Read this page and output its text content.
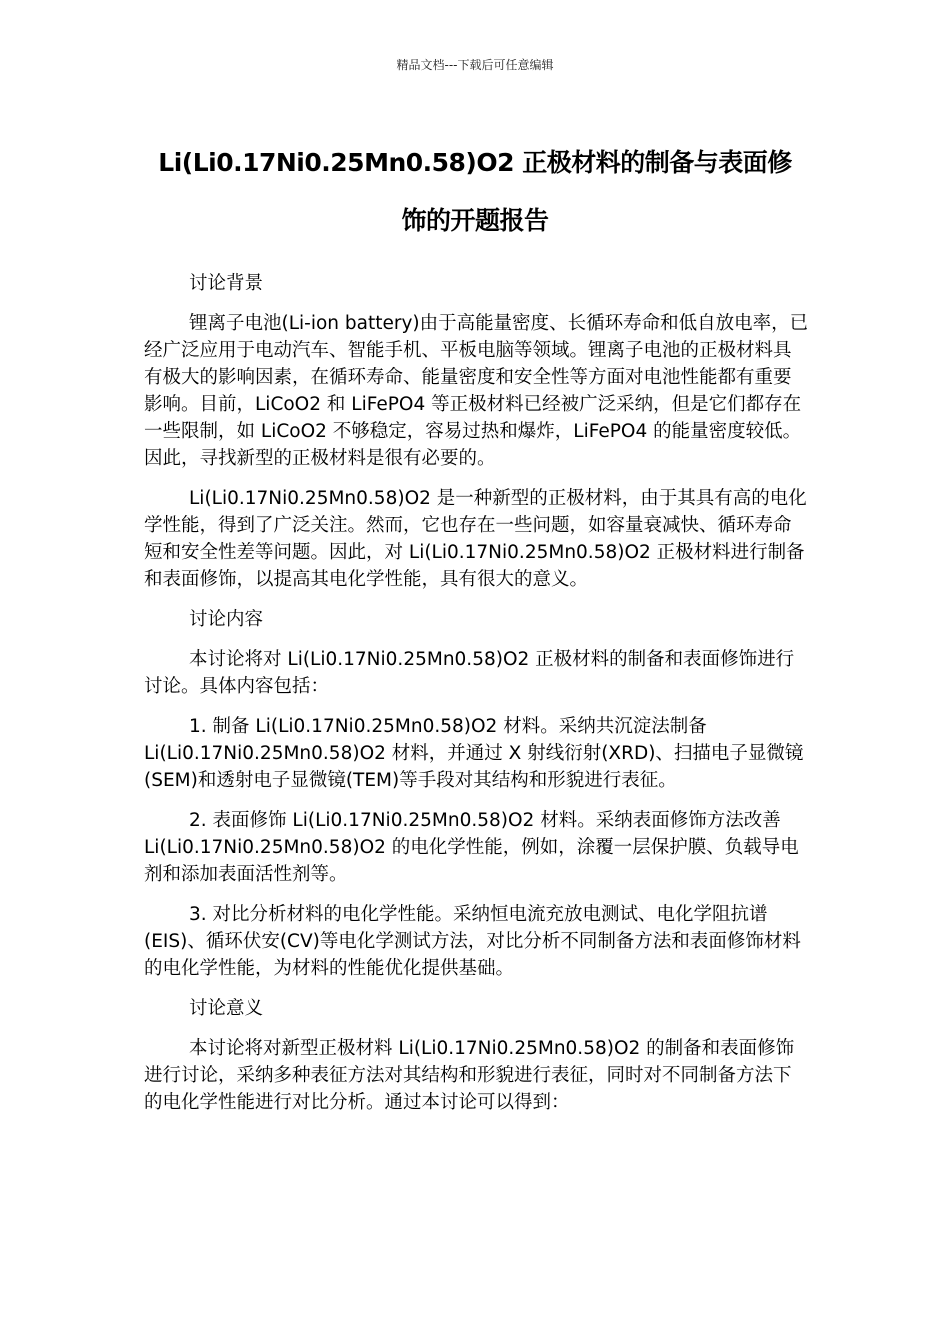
精品文档---下载后可任意编辑
Li(Li0.17Ni0.25Mn0.58)O2 正极材料的制备与表面修
饰的开题报告

讨论背景

锂离子电池(Li-ion battery)由于高能量密度、长循环寿命和低自放电率，已经广泛应用于电动汽车、智能手机、平板电脑等领域。锂离子电池的正极材料具有极大的影响因素，在循环寿命、能量密度和安全性等方面对电池性能都有重要影响。目前，LiCoO2 和 LiFePO4 等正极材料已经被广泛采纳，但是它们都存在一些限制，如 LiCoO2 不够稳定，容易过热和爆炸，LiFePO4 的能量密度较低。因此，寻找新型的正极材料是很有必要的。

Li(Li0.17Ni0.25Mn0.58)O2 是一种新型的正极材料，由于其具有高的电化学性能，得到了广泛关注。然而，它也存在一些问题，如容量衰减快、循环寿命短和安全性差等问题。因此，对 Li(Li0.17Ni0.25Mn0.58)O2 正极材料进行制备和表面修饰，以提高其电化学性能，具有很大的意义。

讨论内容

本讨论将对 Li(Li0.17Ni0.25Mn0.58)O2 正极材料的制备和表面修饰进行讨论。具体内容包括：

1. 制备 Li(Li0.17Ni0.25Mn0.58)O2 材料。采纳共沉淀法制备 Li(Li0.17Ni0.25Mn0.58)O2 材料，并通过 X 射线衍射(XRD)、扫描电子显微镜(SEM)和透射电子显微镜(TEM)等手段对其结构和形貌进行表征。

2. 表面修饰 Li(Li0.17Ni0.25Mn0.58)O2 材料。采纳表面修饰方法改善 Li(Li0.17Ni0.25Mn0.58)O2 的电化学性能，例如，涂覆一层保护膜、负载导电剂和添加表面活性剂等。

3. 对比分析材料的电化学性能。采纳恒电流充放电测试、电化学阻抗谱(EIS)、循环伏安(CV)等电化学测试方法，对比分析不同制备方法和表面修饰材料的电化学性能，为材料的性能优化提供基础。

讨论意义

本讨论将对新型正极材料 Li(Li0.17Ni0.25Mn0.58)O2 的制备和表面修饰进行讨论，采纳多种表征方法对其结构和形貌进行表征，同时对不同制备方法下的电化学性能进行对比分析。通过本讨论可以得到：
